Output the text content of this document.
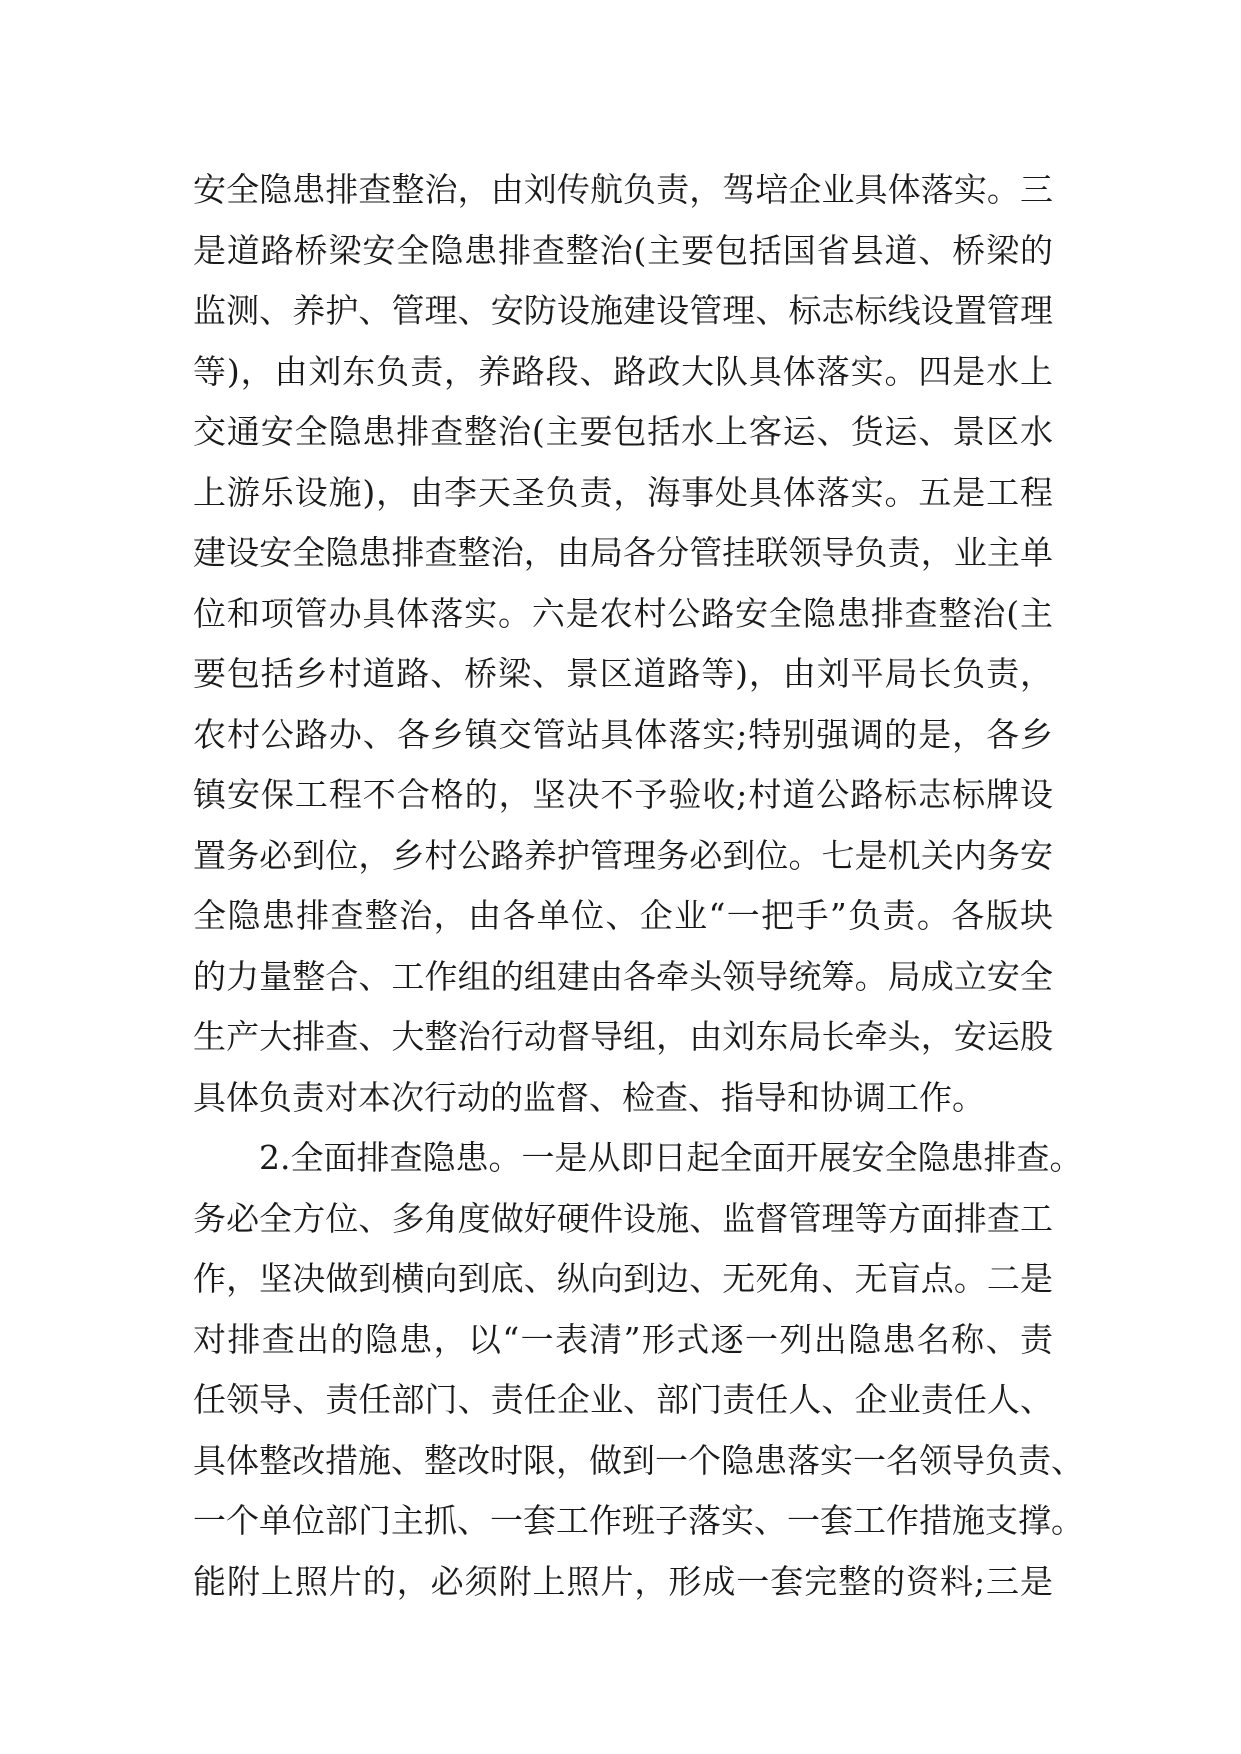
安全隐患排查整治，由刘传航负责，驾培企业具体落实。三
是道路桥梁安全隐患排查整治(主要包括国省县道、桥梁的
监测、养护、管理、安防设施建设管理、标志标线设置管理
等)，由刘东负责，养路段、路政大队具体落实。四是水上
交通安全隐患排查整治(主要包括水上客运、货运、景区水
上游乐设施)，由李天圣负责，海事处具体落实。五是工程
建设安全隐患排查整治，由局各分管挂联领导负责，业主单
位和项管办具体落实。六是农村公路安全隐患排查整治(主
要包括乡村道路、桥梁、景区道路等)，由刘平局长负责，
农村公路办、各乡镇交管站具体落实;特别强调的是，各乡
镇安保工程不合格的，坚决不予验收;村道公路标志标牌设
置务必到位，乡村公路养护管理务必到位。七是机关内务安
全隐患排查整治，由各单位、企业“一把手”负责。各版块
的力量整合、工作组的组建由各牵头领导统筹。局成立安全
生产大排查、大整治行动督导组，由刘东局长牵头，安运股
具体负责对本次行动的监督、检查、指导和协调工作。
2.全面排查隐患。一是从即日起全面开展安全隐患排查。
务必全方位、多角度做好硬件设施、监督管理等方面排查工
作，坚决做到横向到底、纵向到边、无死角、无盲点。二是
对排查出的隐患，以“一表清”形式逐一列出隐患名称、责
任领导、责任部门、责任企业、部门责任人、企业责任人、
具体整改措施、整改时限，做到一个隐患落实一名领导负责、
一个单位部门主抓、一套工作班子落实、一套工作措施支撑。
能附上照片的，必须附上照片，形成一套完整的资料;三是
